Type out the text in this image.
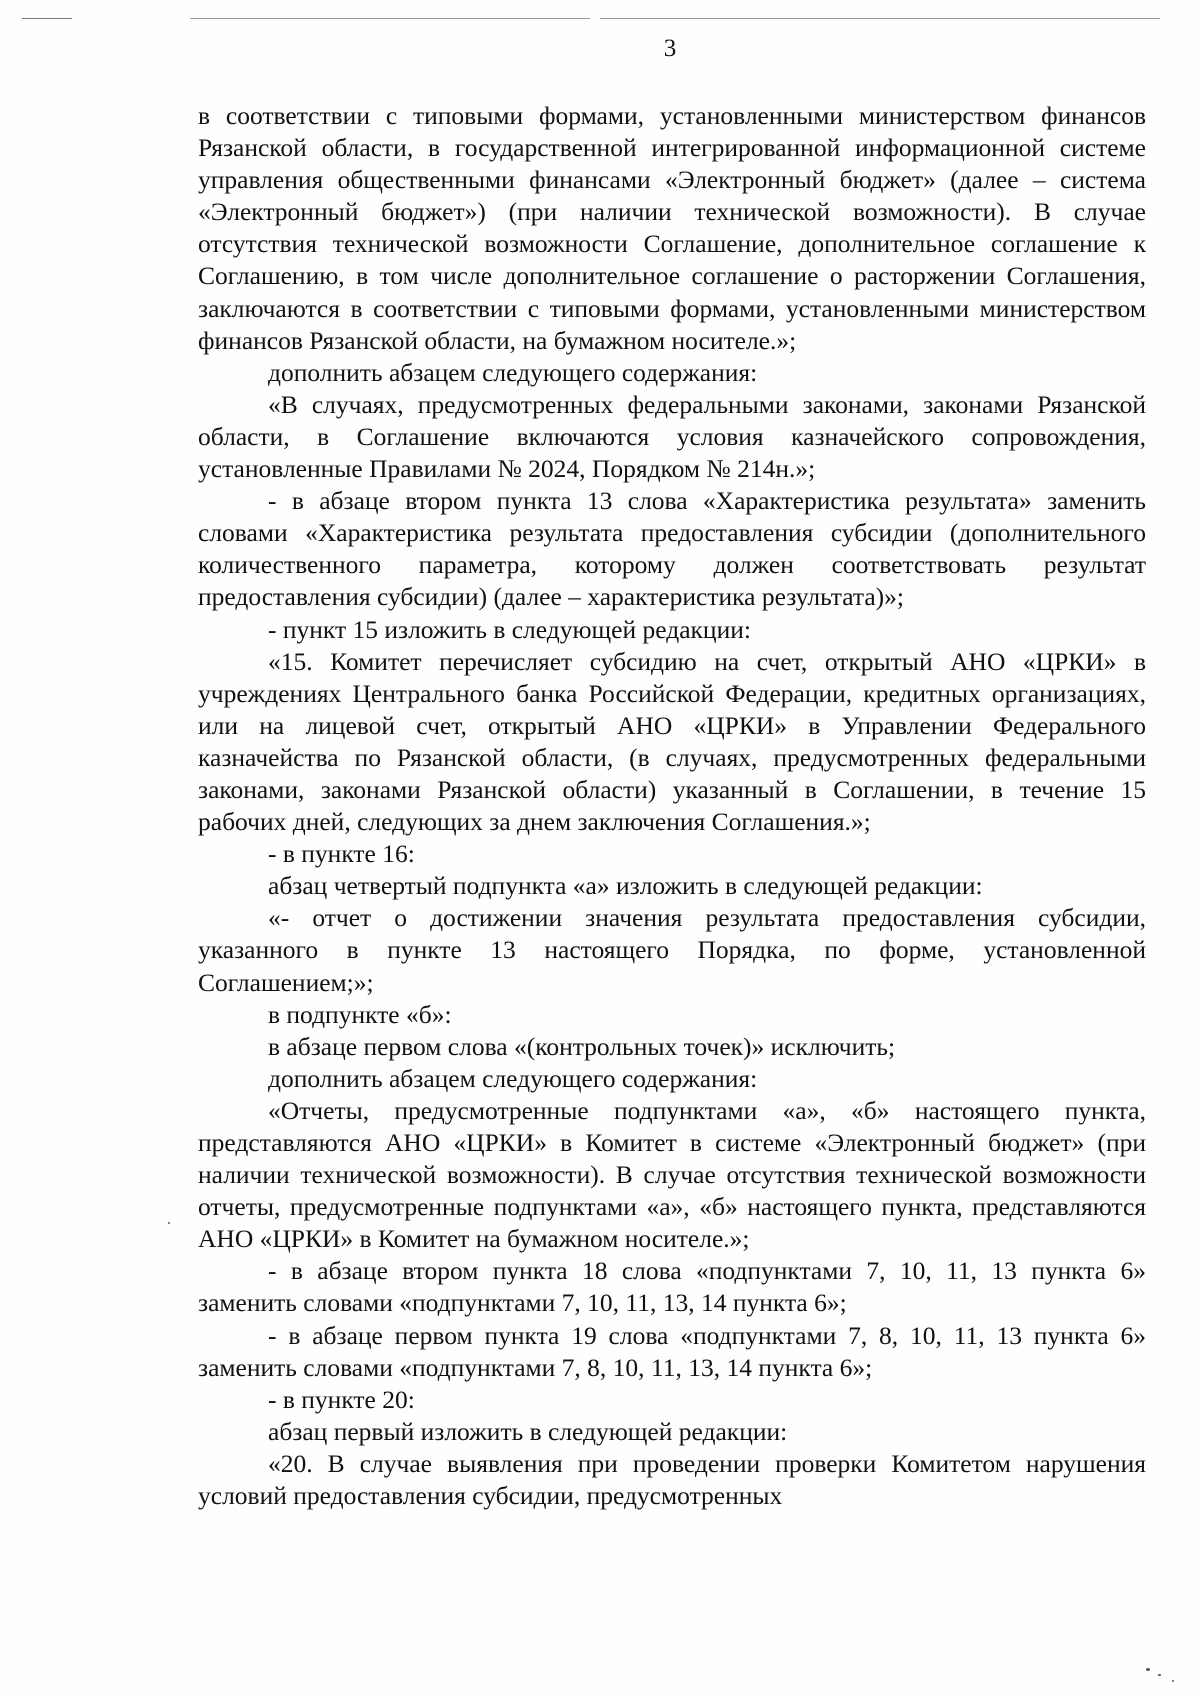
3

в соответствии с типовыми формами, установленными министерством финансов Рязанской области, в государственной интегрированной информационной системе управления общественными финансами «Электронный бюджет» (далее – система «Электронный бюджет») (при наличии технической возможности). В случае отсутствия технической возможности Соглашение, дополнительное соглашение к Соглашению, в том числе дополнительное соглашение о расторжении Соглашения, заключаются в соответствии с типовыми формами, установленными министерством финансов Рязанской области, на бумажном носителе.»;

дополнить абзацем следующего содержания:

«В случаях, предусмотренных федеральными законами, законами Рязанской области, в Соглашение включаются условия казначейского сопровождения, установленные Правилами № 2024, Порядком № 214н.»;

- в абзаце втором пункта 13 слова «Характеристика результата» заменить словами «Характеристика результата предоставления субсидии (дополнительного количественного параметра, которому должен соответствовать результат предоставления субсидии) (далее – характеристика результата)»;

- пункт 15 изложить в следующей редакции:

«15. Комитет перечисляет субсидию на счет, открытый АНО «ЦРКИ» в учреждениях Центрального банка Российской Федерации, кредитных организациях, или на лицевой счет, открытый АНО «ЦРКИ» в Управлении Федерального казначейства по Рязанской области, (в случаях, предусмотренных федеральными законами, законами Рязанской области) указанный в Соглашении, в течение 15 рабочих дней, следующих за днем заключения Соглашения.»;

- в пункте 16:

абзац четвертый подпункта «а» изложить в следующей редакции:

«- отчет о достижении значения результата предоставления субсидии, указанного в пункте 13 настоящего Порядка, по форме, установленной Соглашением;»;

в подпункте «б»:

в абзаце первом слова «(контрольных точек)» исключить;

дополнить абзацем следующего содержания:

«Отчеты, предусмотренные подпунктами «а», «б» настоящего пункта, представляются АНО «ЦРКИ» в Комитет в системе «Электронный бюджет» (при наличии технической возможности). В случае отсутствия технической возможности отчеты, предусмотренные подпунктами «а», «б» настоящего пункта, представляются АНО «ЦРКИ» в Комитет на бумажном носителе.»;

- в абзаце втором пункта 18 слова «подпунктами 7, 10, 11, 13 пункта 6» заменить словами «подпунктами 7, 10, 11, 13, 14 пункта 6»;

- в абзаце первом пункта 19 слова «подпунктами 7, 8, 10, 11, 13 пункта 6» заменить словами «подпунктами 7, 8, 10, 11, 13, 14 пункта 6»;

- в пункте 20:

абзац первый изложить в следующей редакции:

«20. В случае выявления при проведении проверки Комитетом нарушения условий предоставления субсидии, предусмотренных
